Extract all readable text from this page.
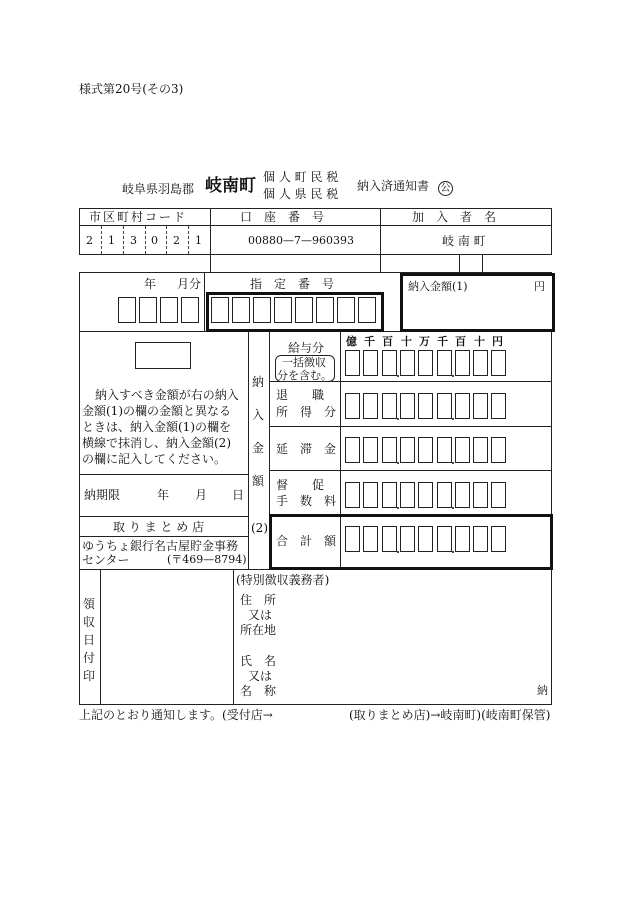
様式第20号(その3)
岐阜県羽島郡 岐南町 個 人 町 民 税
個 人 県 民 税
納入済通知書 公
市区町村コード
2 1 3 0 2 1
口　座　番　号
00880—7—960393
加　入　者　名
岐 南 町
年 月分	指　定　番　号	納入金額(1)	円
納入すべき金額が右の納入
金額(1)の欄の金額と異なる
ときは、納入金額(1)の欄を
横線で抹消し、納入金額(2)
の欄に記入してください。
納期限	年 月 日
取 り ま と め 店
ゆうちょ銀行名古屋貯金事務
センター	(〒469—8794)
納
入
金
額
(2)
給与分
一括徴収
分を含む。
退　　職
所　得　分
延　滞　金
督　　促
手　数　料
合　計　額
億 千 百 十 万 千 百 十 円
領
収
日
付
印
(特別徴収義務者)
住　所
又は
所在地
氏　名
又は
名　称	納
上記のとおり通知します。(受付店→	(取りまとめ店)→岐南町)(岐南町保管)
